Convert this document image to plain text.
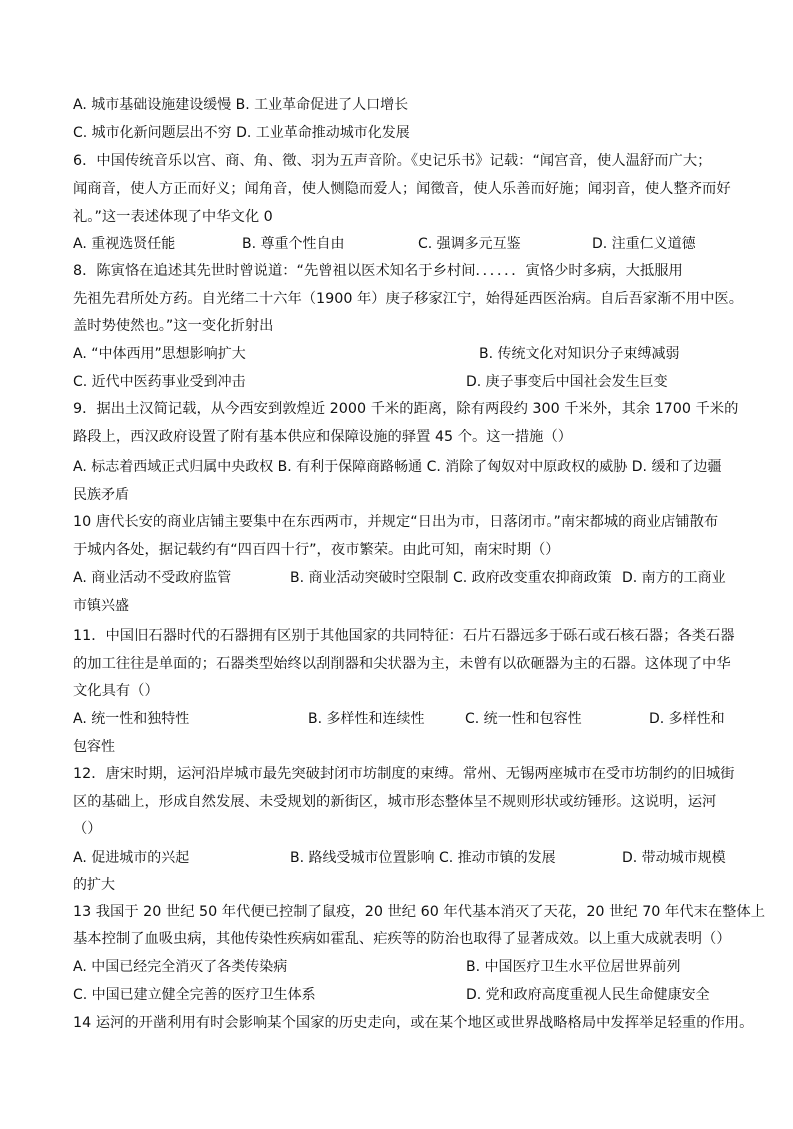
A. 城市基础设施建设缓慢 B. 工业革命促进了人口增长
C. 城市化新问题层出不穷 D. 工业革命推动城市化发展
6．中国传统音乐以宫、商、角、徵、羽为五声音阶。《史记乐书》记载：“闻宫音，使人温舒而广大；
闻商音，使人方正而好义；闻角音，使人恻隐而爱人；闻徵音，使人乐善而好施；闻羽音，使人整齐而好
礼。”这一表述体现了中华文化 0
A. 重视选贤任能	B. 尊重个性自由	C. 强调多元互鉴	D. 注重仁义道德
8．陈寅恪在追述其先世时曾说道：“先曾祖以医术知名于乡村间．．．．．．寅恪少时多病，大抵服用
先祖先君所处方药。自光绪二十六年（1900 年）庚子移家江宁，始得延西医治病。自后吾家渐不用中医。
盖时势使然也。”这一变化折射出
A. “中体西用”思想影响扩大	B. 传统文化对知识分子束缚减弱
C. 近代中医药事业受到冲击	D. 庚子事变后中国社会发生巨变
9．据出土汉简记载，从今西安到敦煌近 2000 千米的距离，除有两段约 300 千米外，其余 1700 千米的
路段上，西汉政府设置了附有基本供应和保障设施的驿置 45 个。这一措施（）
A. 标志着西域正式归属中央政权 B. 有利于保障商路畅通 C. 消除了匈奴对中原政权的威胁 D. 缓和了边疆
民族矛盾
10 唐代长安的商业店铺主要集中在东西两市，并规定“日出为市，日落闭市。”南宋都城的商业店铺散布
于城内各处，据记载约有“四百四十行”，夜市繁荣。由此可知，南宋时期（）
A. 商业活动不受政府监管	B. 商业活动突破时空限制 C. 政府改变重农抑商政策 D. 南方的工商业
市镇兴盛
11．中国旧石器时代的石器拥有区别于其他国家的共同特征：石片石器远多于砾石或石核石器；各类石器
的加工往往是单面的；石器类型始终以刮削器和尖状器为主，未曾有以砍砸器为主的石器。这体现了中华
文化具有（）
A. 统一性和独特性	B. 多样性和连续性	C. 统一性和包容性	D. 多样性和
包容性
12．唐宋时期，运河沿岸城市最先突破封闭市坊制度的束缚。常州、无锡两座城市在受市坊制约的旧城街
区的基础上，形成自然发展、未受规划的新街区，城市形态整体呈不规则形状或纺锤形。这说明，运河
（）
A. 促进城市的兴起	B. 路线受城市位置影响 C. 推动市镇的发展	D. 带动城市规模
的扩大
13 我国于 20 世纪 50 年代便已控制了鼠疫，20 世纪 60 年代基本消灭了天花，20 世纪 70 年代末在整体上
基本控制了血吸虫病，其他传染性疾病如霍乱、疟疾等的防治也取得了显著成效。以上重大成就表明（）
A. 中国已经完全消灭了各类传染病	B. 中国医疗卫生水平位居世界前列
C. 中国已建立健全完善的医疗卫生体系	D. 党和政府高度重视人民生命健康安全
14 运河的开凿利用有时会影响某个国家的历史走向，或在某个地区或世界战略格局中发挥举足轻重的作用。
